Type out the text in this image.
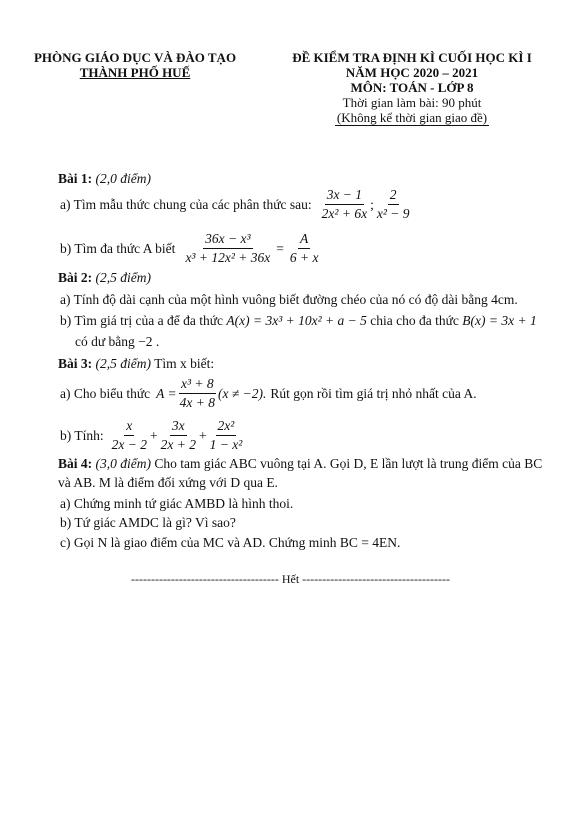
PHÒNG GIÁO DỤC VÀ ĐÀO TẠO
THÀNH PHỐ HUẾ
ĐỀ KIỂM TRA ĐỊNH KÌ CUỐI HỌC KÌ I
NĂM HỌC 2020 – 2021
MÔN: TOÁN - LỚP 8
Thời gian làm bài: 90 phút
(Không kể thời gian giao đề)
Bài 1: (2,0 điểm)
a) Tìm mẫu thức chung của các phân thức sau: $\frac{3x - 1}{\text{2x² + 6x}}$ ; $\frac{2}{\text{x² − 9}}$
b) Tìm đa thức A biết $\frac{\text{36x − x³}}{\text{x³ + 12x² + 36x}} = \frac{A}{6 + x}$
Bài 2: (2,5 điểm)
a) Tính độ dài cạnh của một hình vuông biết đường chéo của nó có độ dài bằng 4cm.
b) Tìm giá trị của a để đa thức A(x) = 3x³ + 10x² + a − 5 chia cho đa thức B(x) = 3x + 1
có dư bằng −2 .
Bài 3: (2,5 điểm) Tìm x biết:
a) Cho biểu thức $A = \frac{\text{x³ + 8}}{4x + 8} (x \ne -2)$. Rút gọn rồi tìm giá trị nhỏ nhất của A.
b) Tính: $\frac{x}{2x - 2} + \frac{3x}{2x + 2} + \frac{\text{2x²}}{\text{1 − x²}}$
Bài 4: (3,0 điểm) Cho tam giác ABC vuông tại A. Gọi D, E lần lượt là trung điểm của BC
và AB. M là điểm đối xứng với D qua E.
a) Chứng minh tứ giác AMBD là hình thoi.
b) Tứ giác AMDC là gì? Vì sao?
c) Gọi N là giao điểm của MC và AD. Chứng minh BC = 4EN.
------------------------------------- Hết -------------------------------------
